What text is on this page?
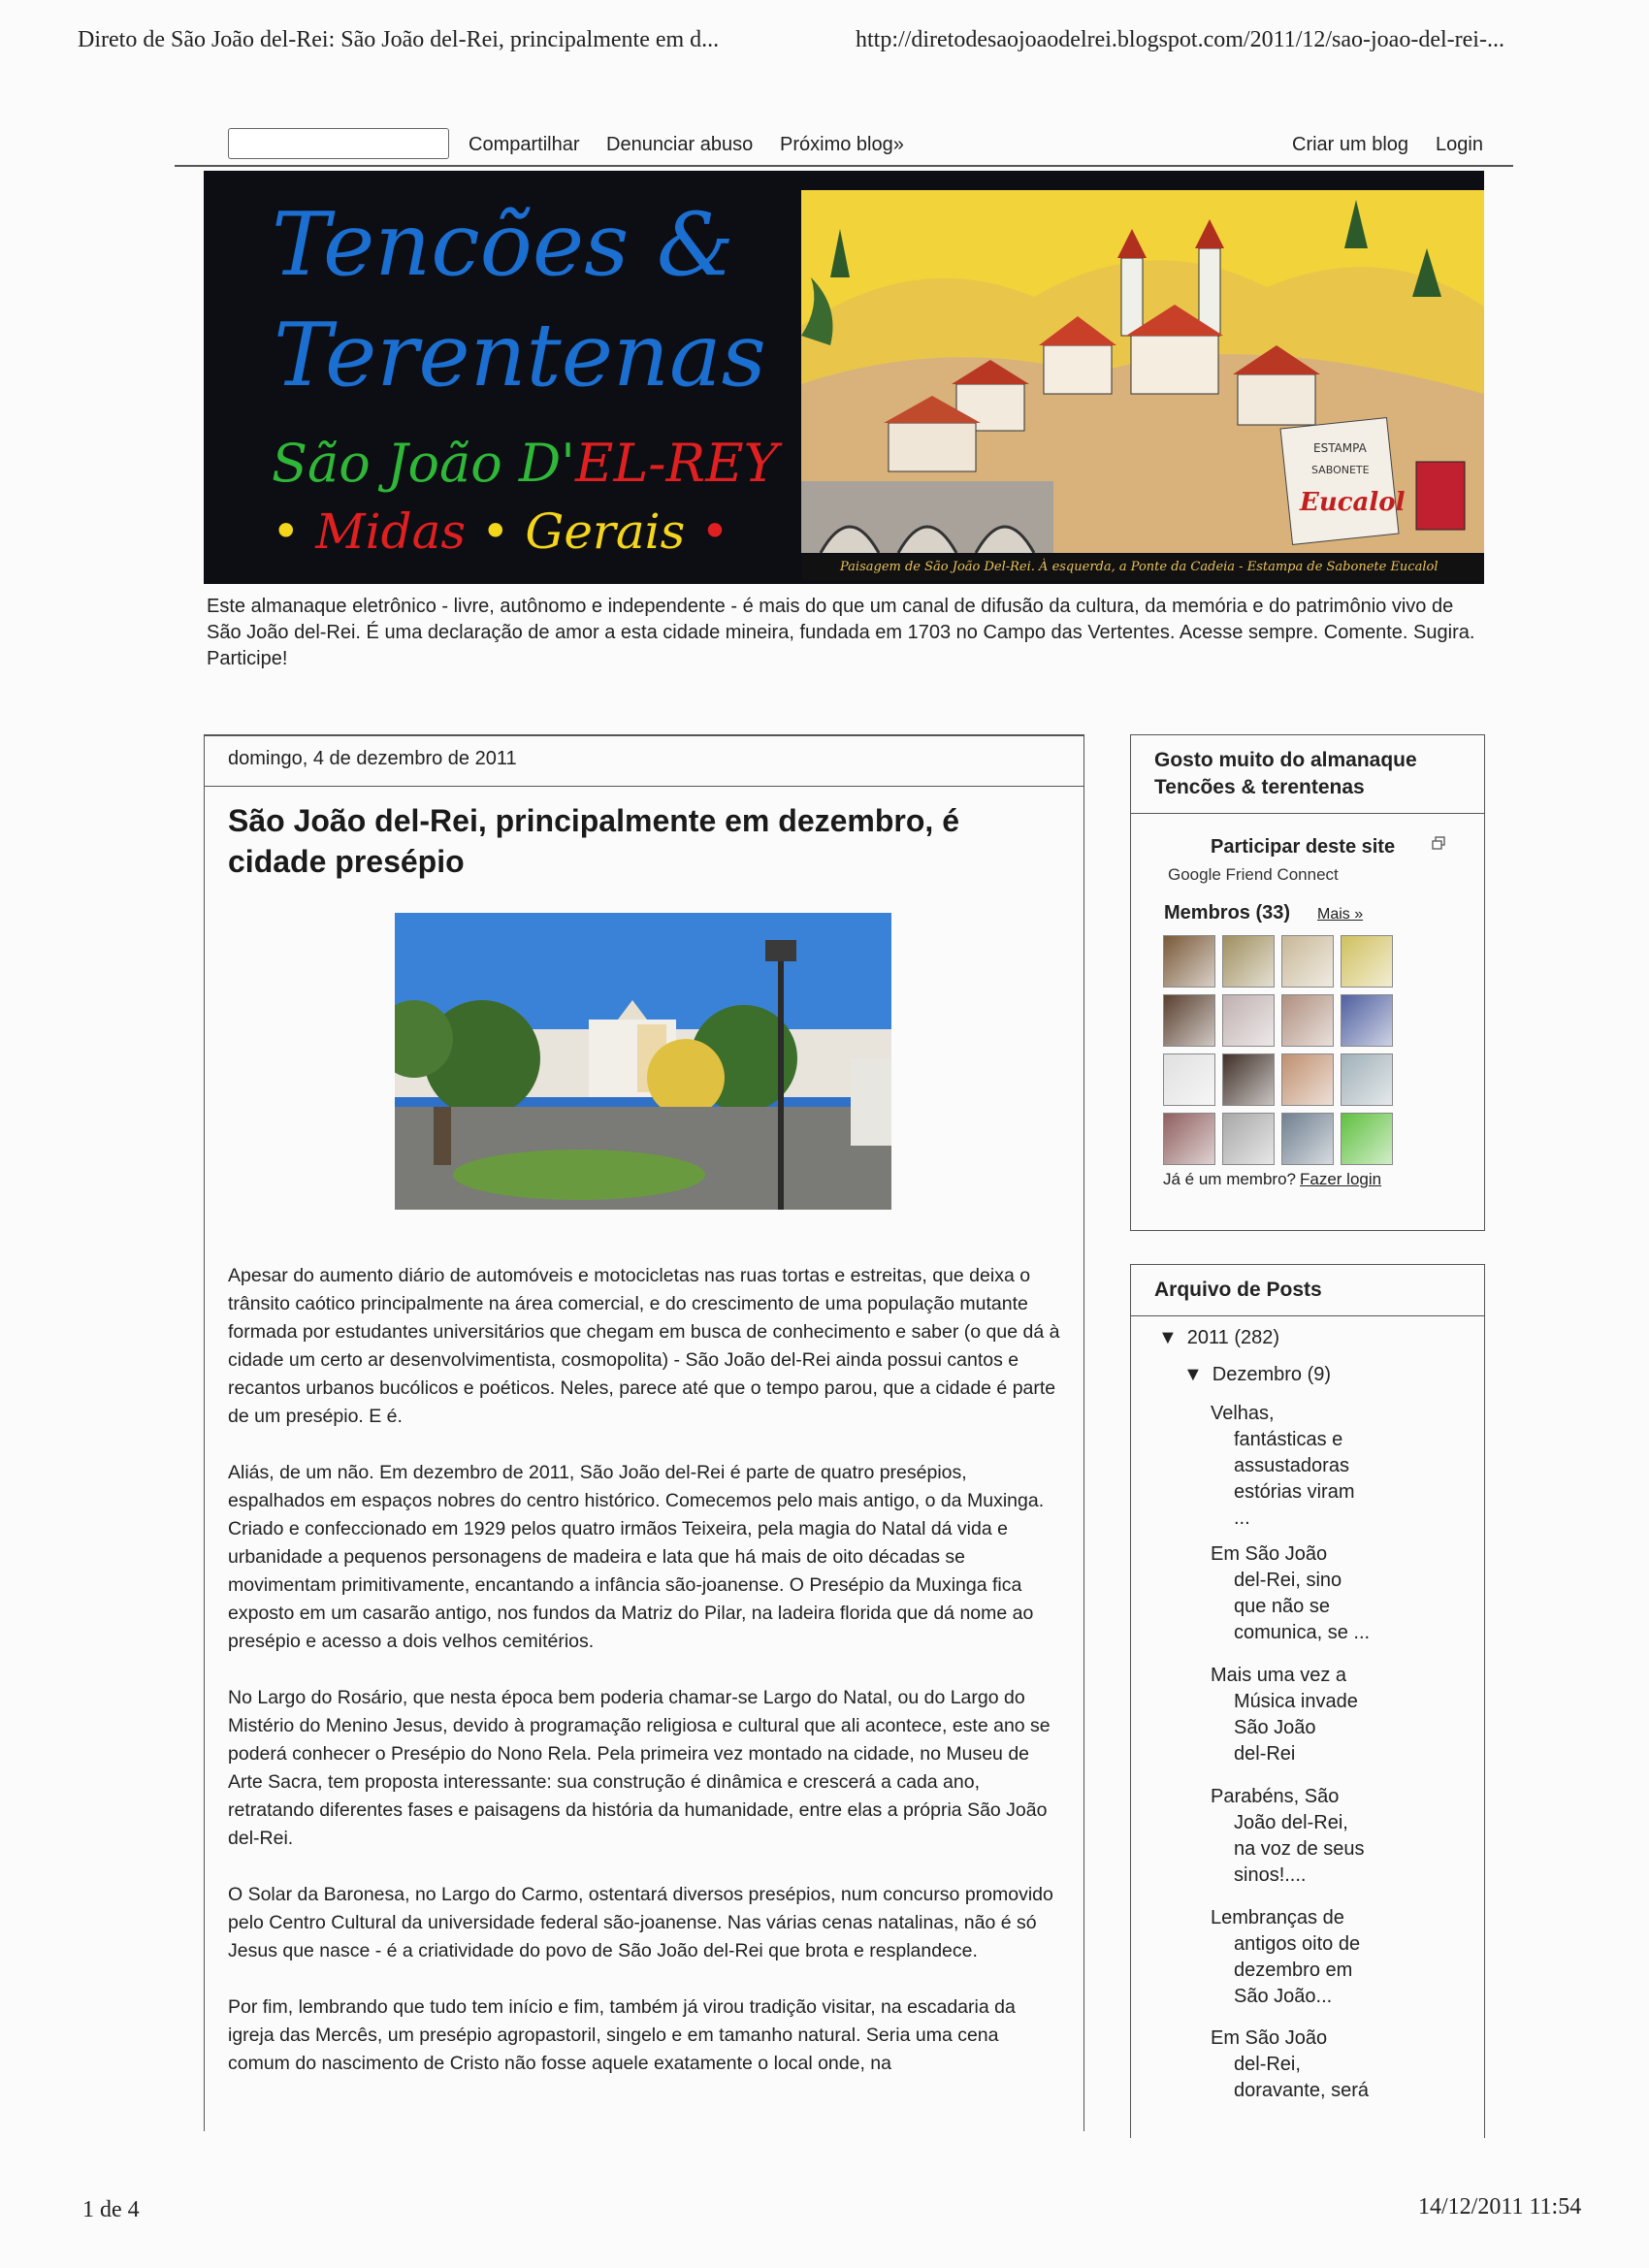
Direto de São João del-Rei: São João del-Rei, principalmente em d...	http://diretodesaojoaodelrei.blogspot.com/2011/12/sao-joao-del-rei-...
Compartilhar Denunciar abuso Próximo blog»	Criar um blog Login
Tencões &
Terentenas
São João D'EL-REY
• Midas • Gerais •
ESTAMPA
SABONETE
Eucalol
Paisagem de São João Del-Rei. À esquerda, a Ponte da Cadeia - Estampa de Sabonete Eucalol
Este almanaque eletrônico - livre, autônomo e independente - é mais do que um canal de difusão da cultura, da memória e do patrimônio vivo de São João del-Rei. É uma declaração de amor a esta cidade mineira, fundada em 1703 no Campo das Vertentes. Acesse sempre. Comente. Sugira. Participe!
domingo, 4 de dezembro de 2011
São João del-Rei, principalmente em dezembro, é cidade presépio

Apesar do aumento diário de automóveis e motocicletas nas ruas tortas e estreitas, que deixa o trânsito caótico principalmente na área comercial, e do crescimento de uma população mutante formada por estudantes universitários que chegam em busca de conhecimento e saber (o que dá à cidade um certo ar desenvolvimentista, cosmopolita) - São João del-Rei ainda possui cantos e recantos urbanos bucólicos e poéticos. Neles, parece até que o tempo parou, que a cidade é parte de um presépio. E é.

Aliás, de um não. Em dezembro de 2011, São João del-Rei é parte de quatro presépios, espalhados em espaços nobres do centro histórico. Comecemos pelo mais antigo, o da Muxinga. Criado e confeccionado em 1929 pelos quatro irmãos Teixeira, pela magia do Natal dá vida e urbanidade a pequenos personagens de madeira e lata que há mais de oito décadas se movimentam primitivamente, encantando a infância são-joanense. O Presépio da Muxinga fica exposto em um casarão antigo, nos fundos da Matriz do Pilar, na ladeira florida que dá nome ao presépio e acesso a dois velhos cemitérios.

No Largo do Rosário, que nesta época bem poderia chamar-se Largo do Natal, ou do Largo do Mistério do Menino Jesus, devido à programação religiosa e cultural que ali acontece, este ano se poderá conhecer o Presépio do Nono Rela. Pela primeira vez montado na cidade, no Museu de Arte Sacra, tem proposta interessante: sua construção é dinâmica e crescerá a cada ano, retratando diferentes fases e paisagens da história da humanidade, entre elas a própria São João del-Rei.

O Solar da Baronesa, no Largo do Carmo, ostentará diversos presépios, num concurso promovido pelo Centro Cultural da universidade federal são-joanense. Nas várias cenas natalinas, não é só Jesus que nasce - é a criatividade do povo de São João del-Rei que brota e resplandece.

Por fim, lembrando que tudo tem início e fim, também já virou tradição visitar, na escadaria da igreja das Mercês, um presépio agropastoril, singelo e em tamanho natural. Seria uma cena comum do nascimento de Cristo não fosse aquele exatamente o local onde, na

Gosto muito do almanaque Tencões & terentenas
Participar deste site
Google Friend Connect
Membros (33) Mais »
Já é um membro? Fazer login
Arquivo de Posts
▼ 2011 (282)
▼ Dezembro (9)
Velhas,
fantásticas e
assustadoras
estórias viram
...
Em São João
del-Rei, sino
que não se
comunica, se ...
Mais uma vez a
Música invade
São João
del-Rei
Parabéns, São
João del-Rei,
na voz de seus
sinos!....
Lembranças de
antigos oito de
dezembro em
São João...
Em São João
del-Rei,
doravante, será
1 de 4	14/12/2011 11:54
